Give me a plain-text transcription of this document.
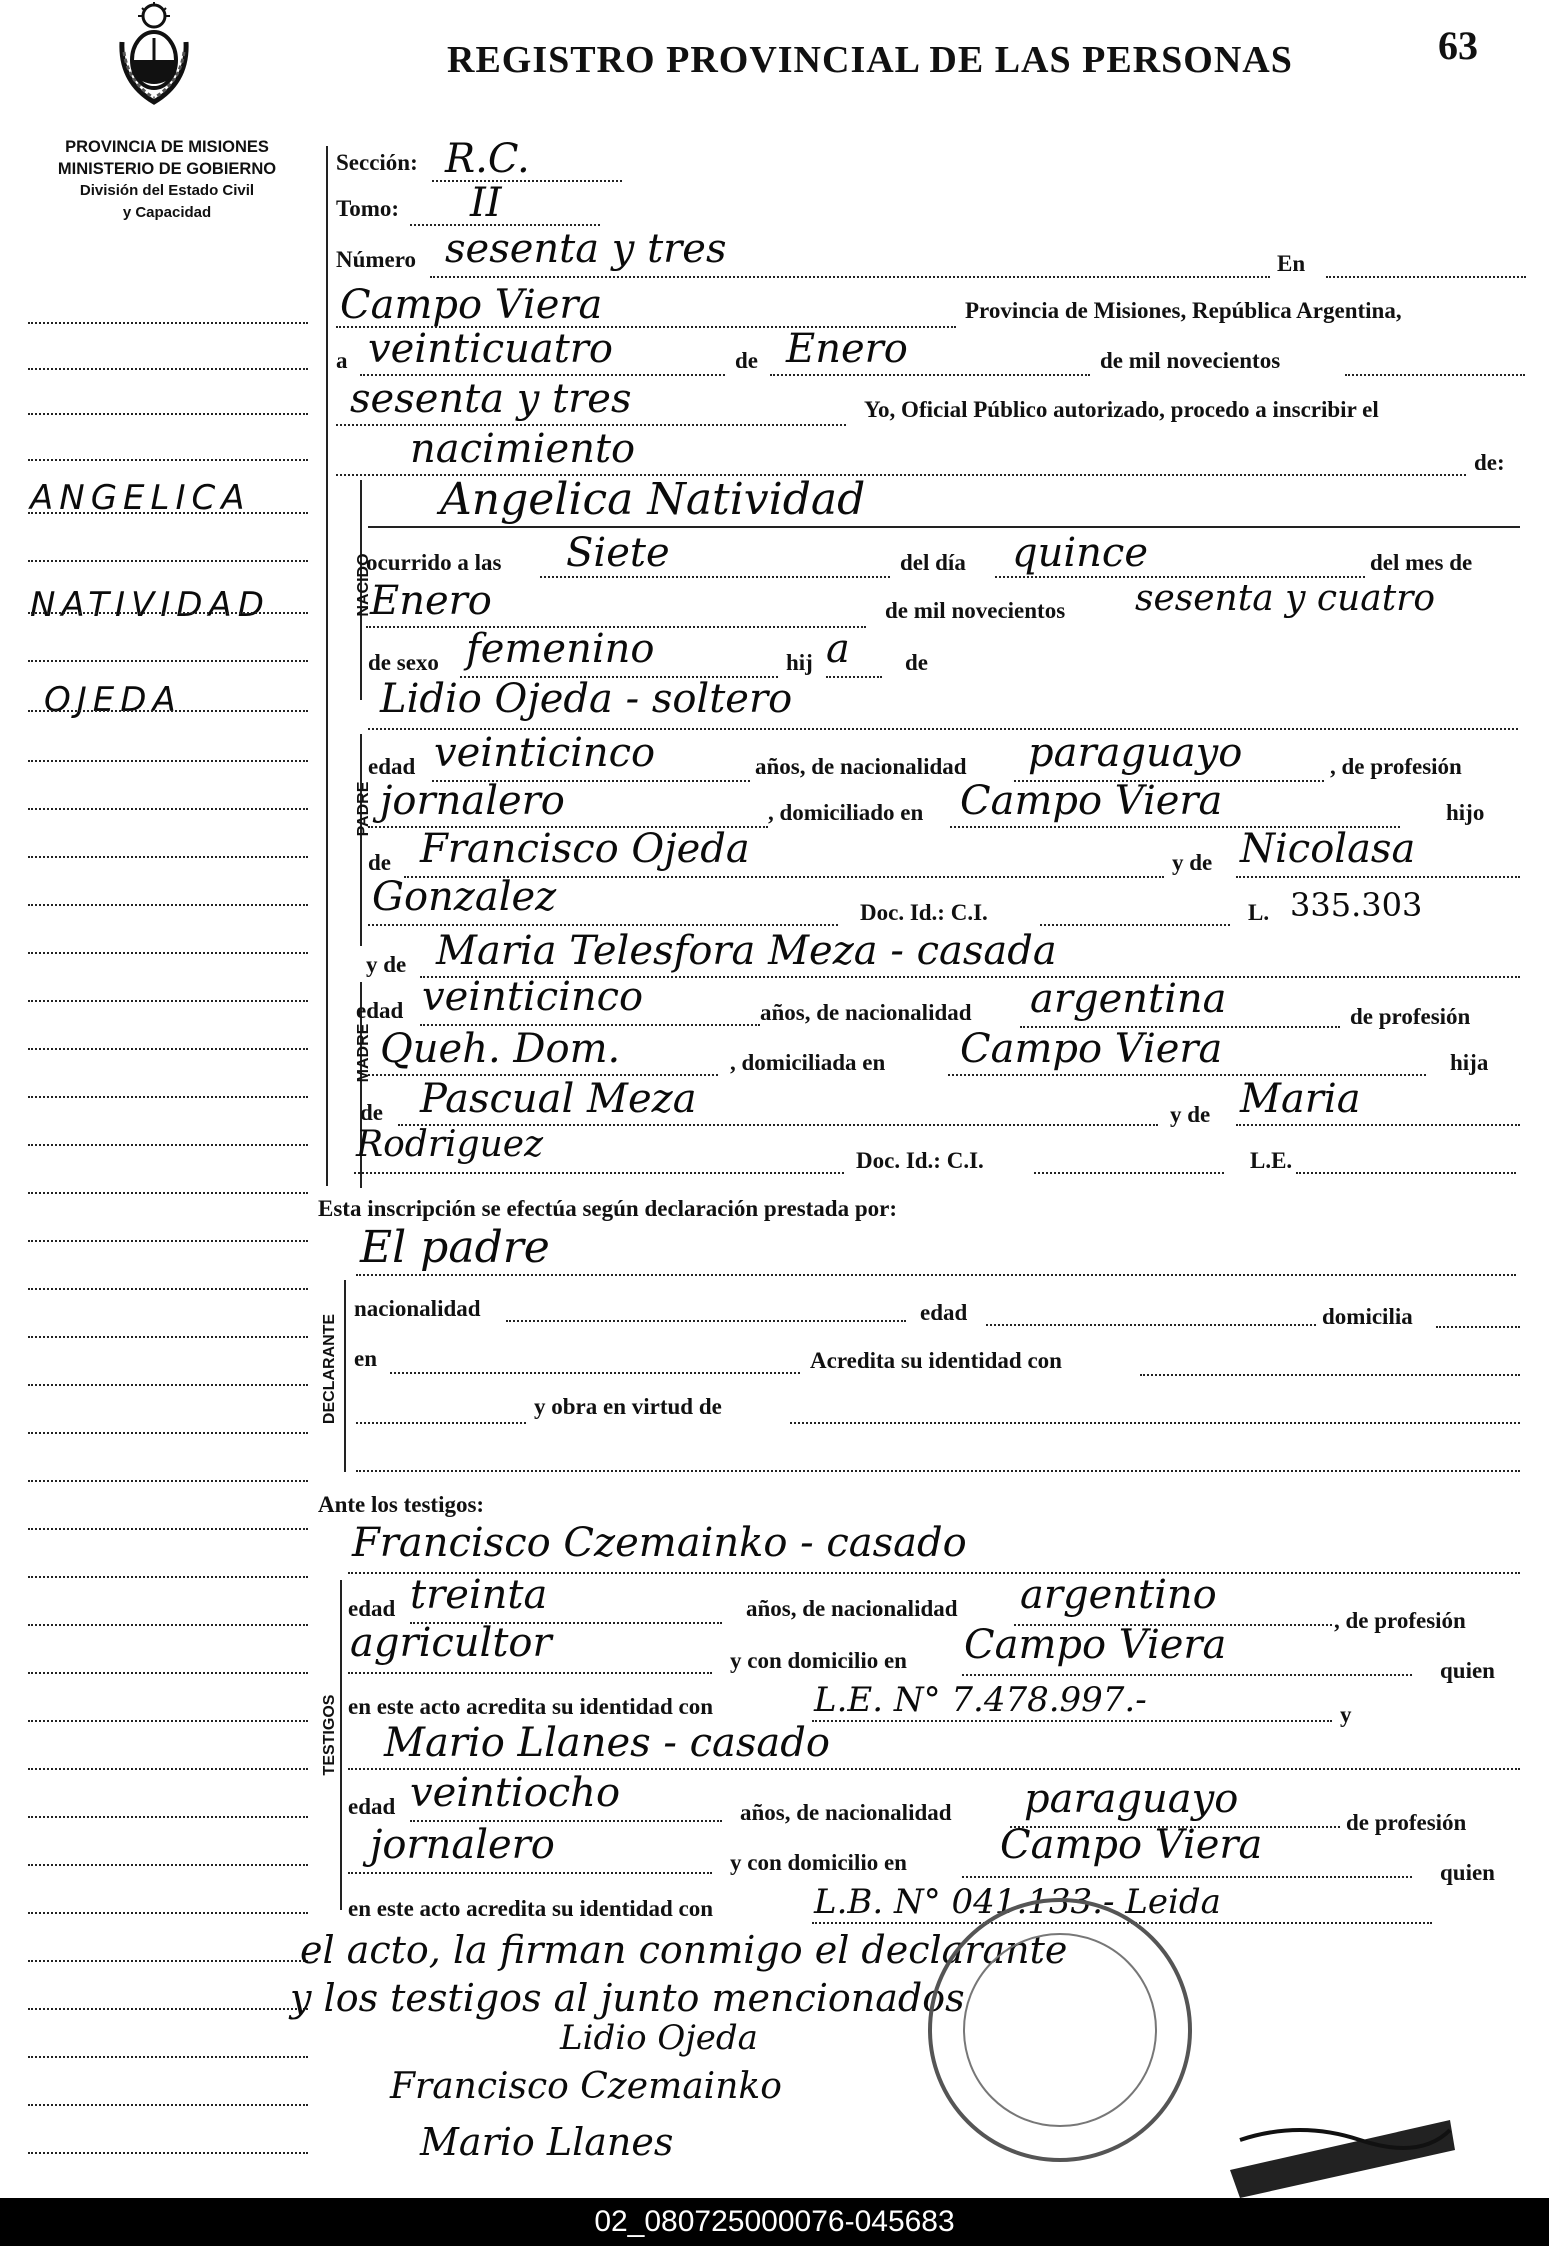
REGISTRO PROVINCIAL DE LAS PERSONAS	63
PROVINCIA DE MISIONES
MINISTERIO DE GOBIERNO
División del Estado Civil
y Capacidad
ANGELICA
NATIVIDAD
OJEDA
Sección: R.C.
Tomo: II
Número sesenta y tres	En
Campo Viera	Provincia de Misiones, República Argentina,
a veinticuatro	de Enero	de mil novecientos
sesenta y tres	Yo, Oficial Público autorizado, procedo a inscribir el
nacimiento	de:
NACIDO
Angelica Natividad
ocurrido a las Siete	del día quince	del mes de
Enero	de mil novecientos sesenta y cuatro
de sexo femenino	hij a de
Lidio Ojeda - soltero
PADRE
edad veinticinco	años, de nacionalidad paraguayo	, de profesión
jornalero	, domiciliado en Campo Viera	hijo
de Francisco Ojeda	y de Nicolasa
Gonzalez	Doc. Id.: C.I.	L. 335.303
y de Maria Telesfora Meza - casada
MADRE
edad veinticinco	años, de nacionalidad argentina	de profesión
Queh. Dom.	, domiciliada en Campo Viera	hija
de Pascual Meza	y de Maria
Rodriguez	Doc. Id.: C.I.	L.E.
Esta inscripción se efectúa según declaración prestada por:
El padre
DECLARANTE
nacionalidad	edad	domicilia
en	Acredita su identidad con
y obra en virtud de
Ante los testigos:
Francisco Czemainko - casado
TESTIGOS
edad treinta	años, de nacionalidad argentino
, de profesión
agricultor	y con domicilio en Campo Viera
quien
en este acto acredita su identidad con	L.E. N° 7.478.997.-	y
Mario Llanes - casado
edad veintiocho	años, de nacionalidad paraguayo
de profesión
jornalero	y con domicilio en Campo Viera
quien
en este acto acredita su identidad con	L.B. N° 041.133.- Leida
el acto, la firman conmigo el declarante
y los testigos al junto mencionados
Lidio Ojeda
Francisco Czemainko
Mario Llanes
02_080725000076-045683
